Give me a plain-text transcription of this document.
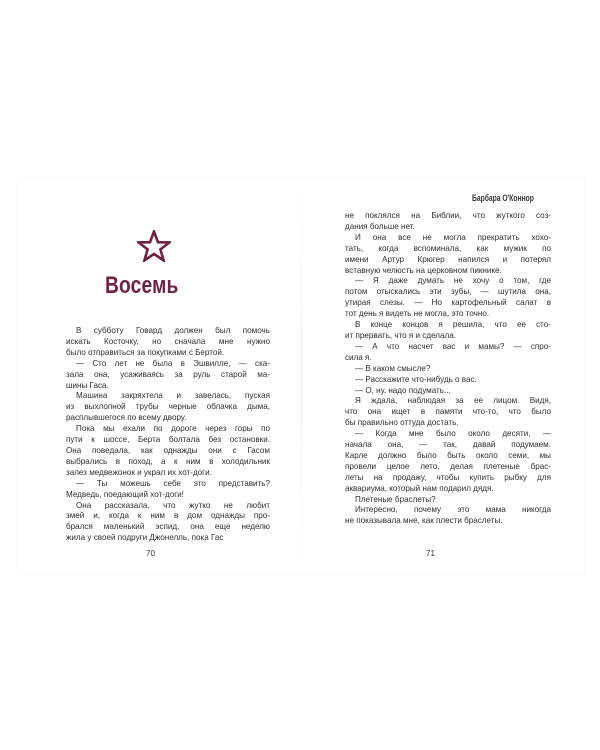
Восемь
В субботу Говард должен был помочь
искать Косточку, но сначала мне нужно
было отправиться за покупками с Бертой.
— Сто лет не была в Эшвилле, — ска-
зала она, усаживаясь за руль старой ма-
шины Гаса.
Машина закряхтела и завелась, пуская
из выхлопной трубы черные облачка дыма,
расплывшегося по всему двору.
Пока мы ехали по дороге через горы по
пути к шоссе, Берта болтала без остановки.
Она поведала, как однажды они с Гасом
выбрались в поход, а к ним в холодильник
залез медвежонок и украл их хот-доги.
— Ты можешь себе это представить?
Медведь, поедающий хот-доги!
Она рассказала, что жутко не любит
змей и, когда к ним в дом однажды про-
брался маленький эспид, она еще неделю
жила у своей подруги Джонелль, пока Гас
70
Барбара О'Коннор
не поклялся на Библии, что жуткого соз-
дания больше нет.
И она все не могла прекратить хохо-
тать, когда вспоминала, как мужик по
имени Артур Крюгер напился и потерял
вставную челюсть на церковном пикнике.
— Я даже думать не хочу о том, где
потом отыскались эти зубы, — шутила она,
утирая слезы. — Но картофельный салат в
тот день я видеть не могла, это точно.
В конце концов я решила, что ее сто-
ит прервать, что я и сделала.
— А что насчет вас и мамы? — спро-
сила я.
— В каком смысле?
— Расскажите что-нибудь о вас.
— О, ну, надо подумать...
Я ждала, наблюдая за ее лицом. Видя,
что она ищет в памяти что-то, что было
бы правильно оттуда достать.
— Когда мне было около десяти, —
начала она, — так, давай подумаем.
Карле должно было быть около семи, мы
провели целое лето, делая плетеные брас-
леты на продажу, чтобы купить рыбку для
аквариума, который нам подарил дядя.
Плетеные браслеты?
Интересно, почему это мама никогда
не показывала мне, как плести браслеты.
71
